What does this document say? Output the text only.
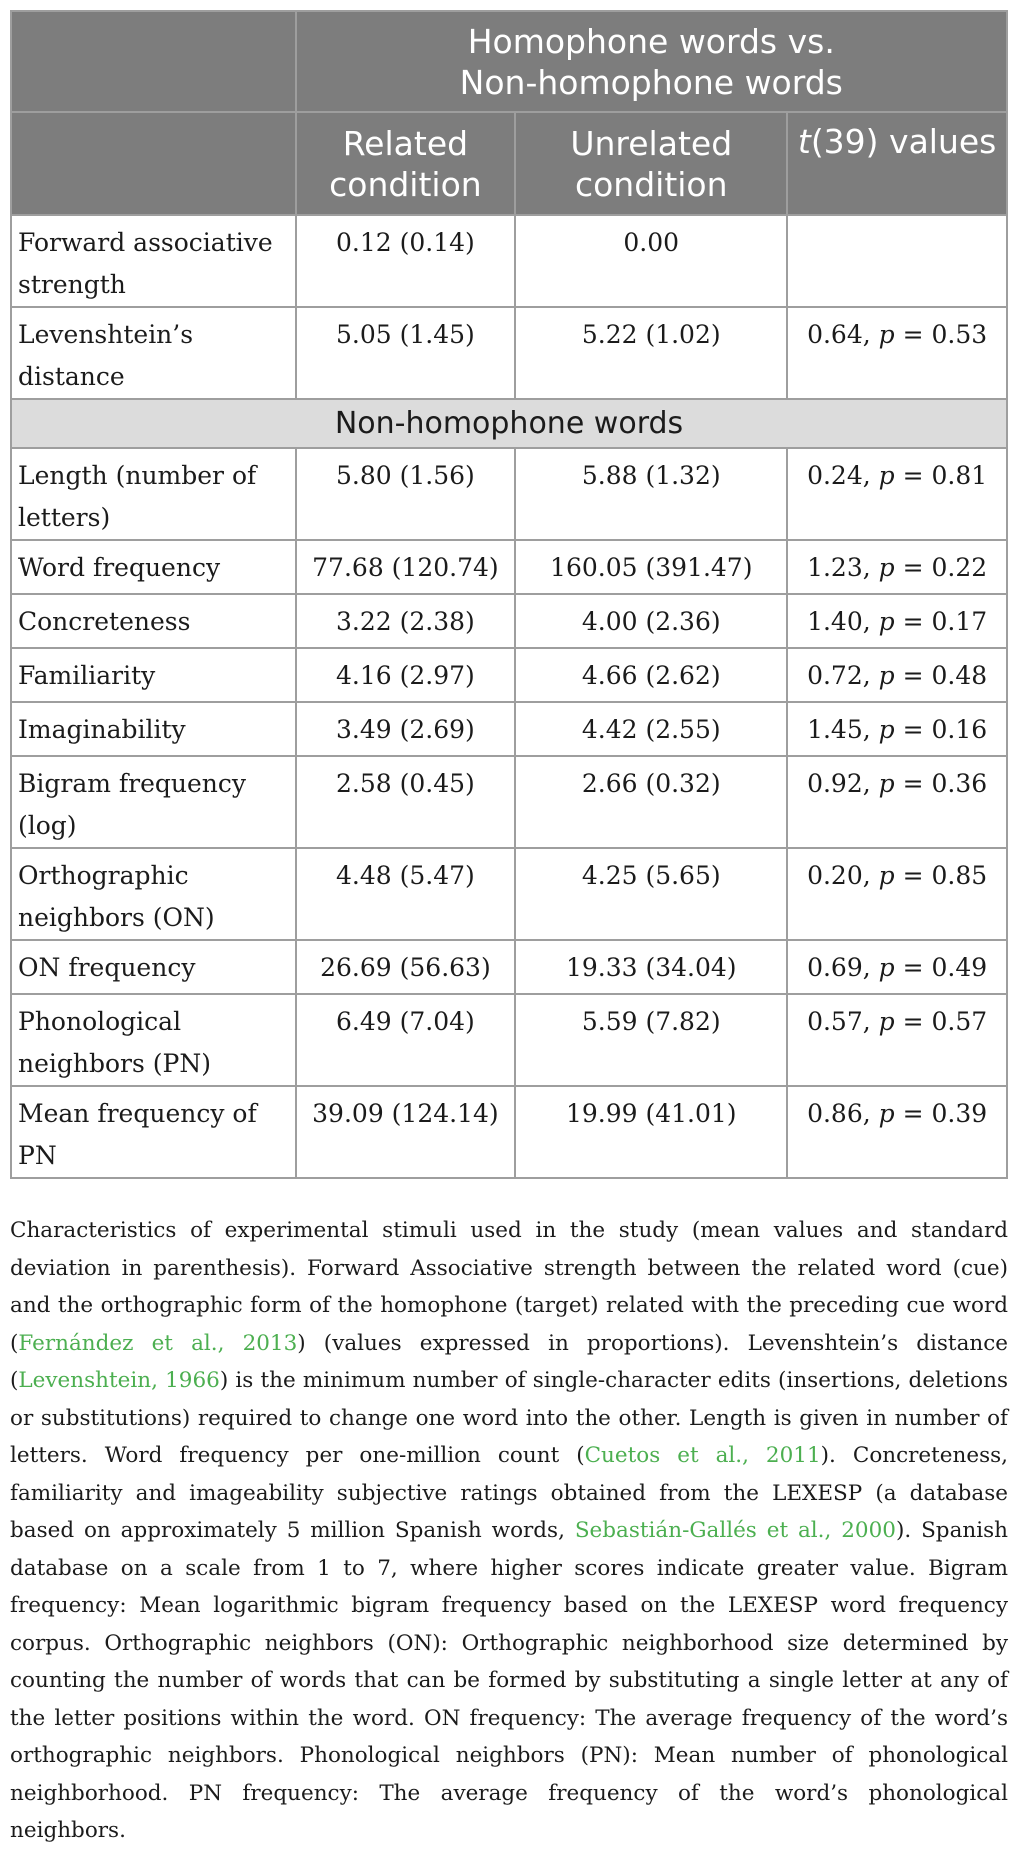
	Homophone words vs. Non-homophone words		
	Related condition	Unrelated condition	t(39) values
Forward associative strength	0.12 (0.14)	0.00	
Levenshtein’s distance	5.05 (1.45)	5.22 (1.02)	0.64, p = 0.53
Non-homophone words			
Length (number of letters)	5.80 (1.56)	5.88 (1.32)	0.24, p = 0.81
Word frequency	77.68 (120.74)	160.05 (391.47)	1.23, p = 0.22
Concreteness	3.22 (2.38)	4.00 (2.36)	1.40, p = 0.17
Familiarity	4.16 (2.97)	4.66 (2.62)	0.72, p = 0.48
Imaginability	3.49 (2.69)	4.42 (2.55)	1.45, p = 0.16
Bigram frequency (log)	2.58 (0.45)	2.66 (0.32)	0.92, p = 0.36
Orthographic neighbors (ON)	4.48 (5.47)	4.25 (5.65)	0.20, p = 0.85
ON frequency	26.69 (56.63)	19.33 (34.04)	0.69, p = 0.49
Phonological neighbors (PN)	6.49 (7.04)	5.59 (7.82)	0.57, p = 0.57
Mean frequency of PN	39.09 (124.14)	19.99 (41.01)	0.86, p = 0.39

Characteristics of experimental stimuli used in the study (mean values and standard deviation in parenthesis). Forward Associative strength between the related word (cue) and the orthographic form of the homophone (target) related with the preceding cue word (Fernández et al., 2013) (values expressed in proportions). Levenshtein’s distance (Levenshtein, 1966) is the minimum number of single-character edits (insertions, deletions or substitutions) required to change one word into the other. Length is given in number of letters. Word frequency per one-million count (Cuetos et al., 2011). Concreteness, familiarity and imageability subjective ratings obtained from the LEXESP (a database based on approximately 5 million Spanish words, Sebastián-Gallés et al., 2000). Spanish database on a scale from 1 to 7, where higher scores indicate greater value. Bigram frequency: Mean logarithmic bigram frequency based on the LEXESP word frequency corpus. Orthographic neighbors (ON): Orthographic neighborhood size determined by counting the number of words that can be formed by substituting a single letter at any of the letter positions within the word. ON frequency: The average frequency of the word’s orthographic neighbors. Phonological neighbors (PN): Mean number of phonological neighborhood. PN frequency: The average frequency of the word’s phonological neighbors.
